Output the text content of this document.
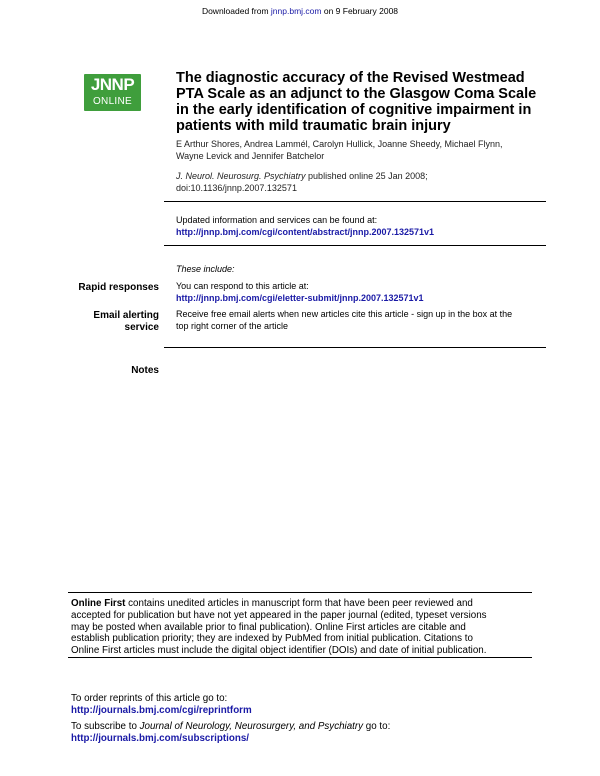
Downloaded from jnnp.bmj.com on 9 February 2008
JNNP
ONLINE
The diagnostic accuracy of the Revised Westmead
PTA Scale as an adjunct to the Glasgow Coma Scale
in the early identification of cognitive impairment in
patients with mild traumatic brain injury
E Arthur Shores, Andrea Lammél, Carolyn Hullick, Joanne Sheedy, Michael Flynn,
Wayne Levick and Jennifer Batchelor
J. Neurol. Neurosurg. Psychiatry published online 25 Jan 2008;
doi:10.1136/jnnp.2007.132571
Updated information and services can be found at:
http://jnnp.bmj.com/cgi/content/abstract/jnnp.2007.132571v1
These include:
Rapid responses You can respond to this article at:
http://jnnp.bmj.com/cgi/eletter-submit/jnnp.2007.132571v1
Email alerting
service
Receive free email alerts when new articles cite this article - sign up in the box at the
top right corner of the article
Notes
Online First contains unedited articles in manuscript form that have been peer reviewed and
accepted for publication but have not yet appeared in the paper journal (edited, typeset versions
may be posted when available prior to final publication). Online First articles are citable and
establish publication priority; they are indexed by PubMed from initial publication. Citations to
Online First articles must include the digital object identifier (DOIs) and date of initial publication.
To order reprints of this article go to:
http://journals.bmj.com/cgi/reprintform
To subscribe to Journal of Neurology, Neurosurgery, and Psychiatry go to:
http://journals.bmj.com/subscriptions/
